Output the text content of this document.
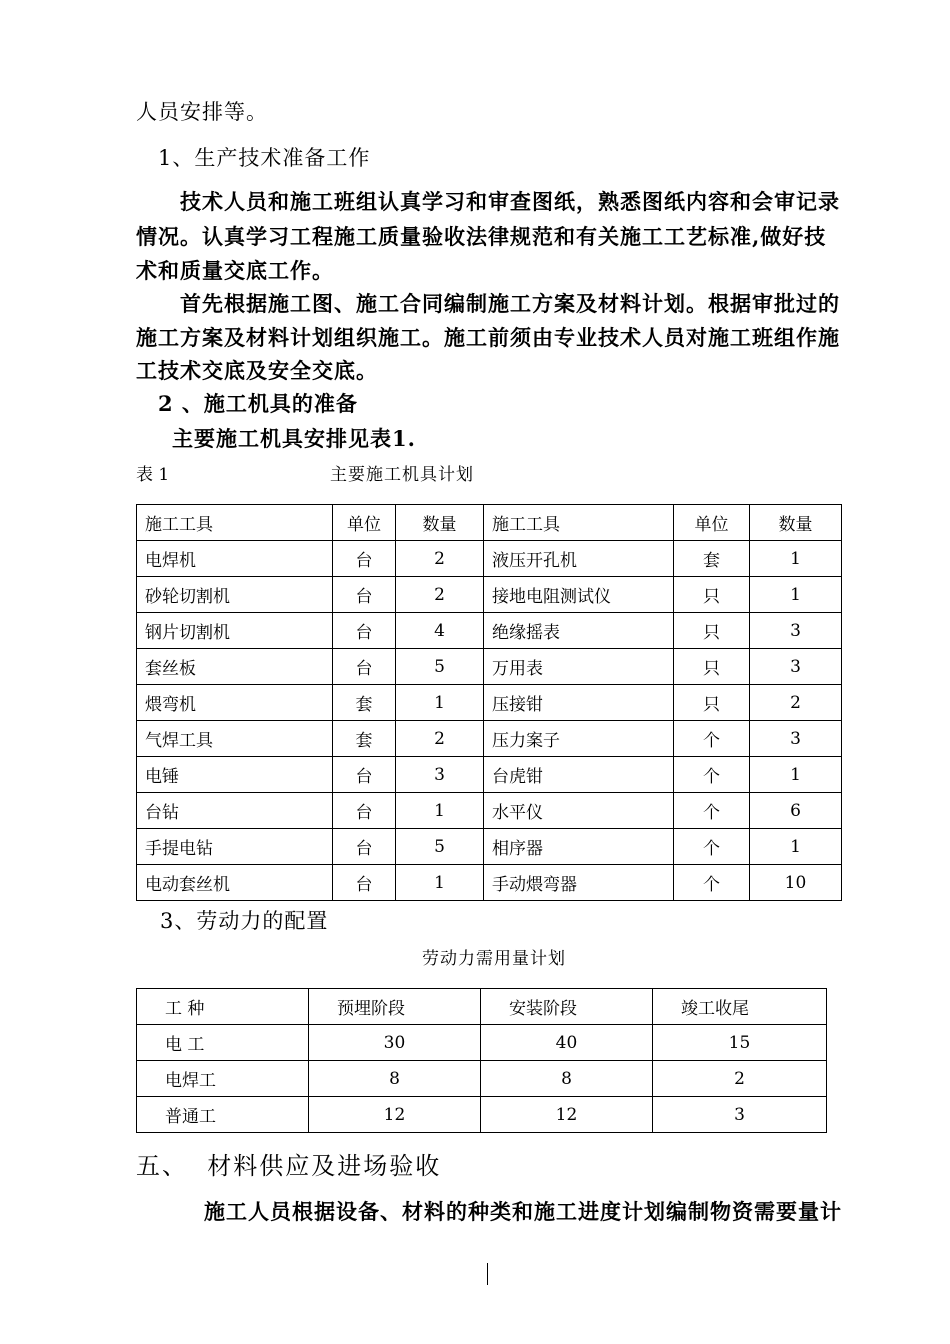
人员安排等。
1、生产技术准备工作
技术人员和施工班组认真学习和审查图纸，熟悉图纸内容和会审记录
情况。认真学习工程施工质量验收法律规范和有关施工工艺标准,做好技
术和质量交底工作。
首先根据施工图、施工合同编制施工方案及材料计划。根据审批过的
施工方案及材料计划组织施工。施工前须由专业技术人员对施工班组作施
工技术交底及安全交底。
2 、施工机具的准备
主要施工机具安排见表1.
表 1	主要施工机具计划
施工工具	单位	数量	施工工具	单位	数量
电焊机	台	2	液压开孔机	套	1
砂轮切割机	台	2	接地电阻测试仪	只	1
钢片切割机	台	4	绝缘摇表	只	3
套丝板	台	5	万用表	只	3
煨弯机	套	1	压接钳	只	2
气焊工具	套	2	压力案子	个	3
电锤	台	3	台虎钳	个	1
台钻	台	1	水平仪	个	6
手提电钻	台	5	相序器	个	1
电动套丝机	台	1	手动煨弯器	个	10
3、劳动力的配置
劳动力需用量计划
工 种	预埋阶段	安装阶段	竣工收尾
电 工	30	40	15
电焊工	8	8	2
普通工	12	12	3
五、  材料供应及进场验收
施工人员根据设备、材料的种类和施工进度计划编制物资需要量计
